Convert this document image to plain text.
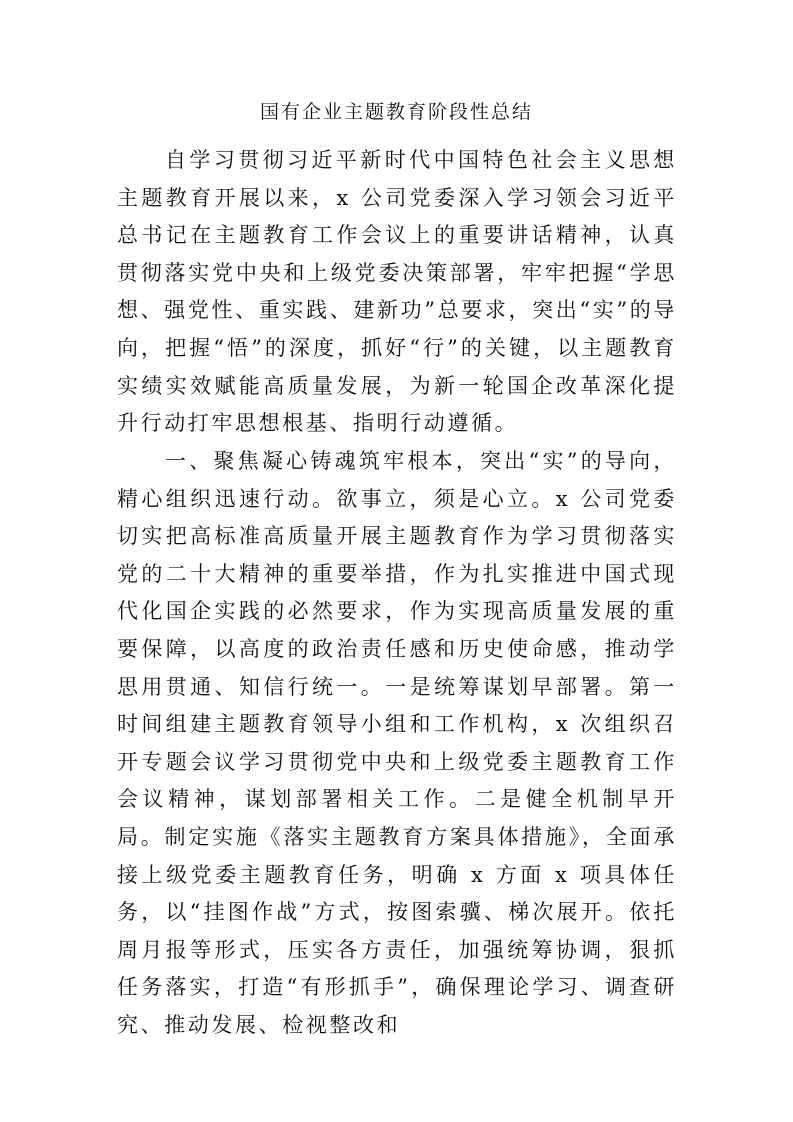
国有企业主题教育阶段性总结

自学习贯彻习近平新时代中国特色社会主义思想主题教育开展以来，x 公司党委深入学习领会习近平总书记在主题教育工作会议上的重要讲话精神，认真贯彻落实党中央和上级党委决策部署，牢牢把握“学思想、强党性、重实践、建新功”总要求，突出“实”的导向，把握“悟”的深度，抓好“行”的关键，以主题教育实绩实效赋能高质量发展，为新一轮国企改革深化提升行动打牢思想根基、指明行动遵循。

一、聚焦凝心铸魂筑牢根本，突出“实”的导向，精心组织迅速行动。欲事立，须是心立。x 公司党委切实把高标准高质量开展主题教育作为学习贯彻落实党的二十大精神的重要举措，作为扎实推进中国式现代化国企实践的必然要求，作为实现高质量发展的重要保障，以高度的政治责任感和历史使命感，推动学思用贯通、知信行统一。一是统筹谋划早部署。第一时间组建主题教育领导小组和工作机构，x 次组织召开专题会议学习贯彻党中央和上级党委主题教育工作会议精神，谋划部署相关工作。二是健全机制早开局。制定实施《落实主题教育方案具体措施》，全面承接上级党委主题教育任务，明确 x 方面 x 项具体任务，以“挂图作战”方式，按图索骥、梯次展开。依托周月报等形式，压实各方责任，加强统筹协调，狠抓任务落实，打造“有形抓手”，确保理论学习、调查研究、推动发展、检视整改和
